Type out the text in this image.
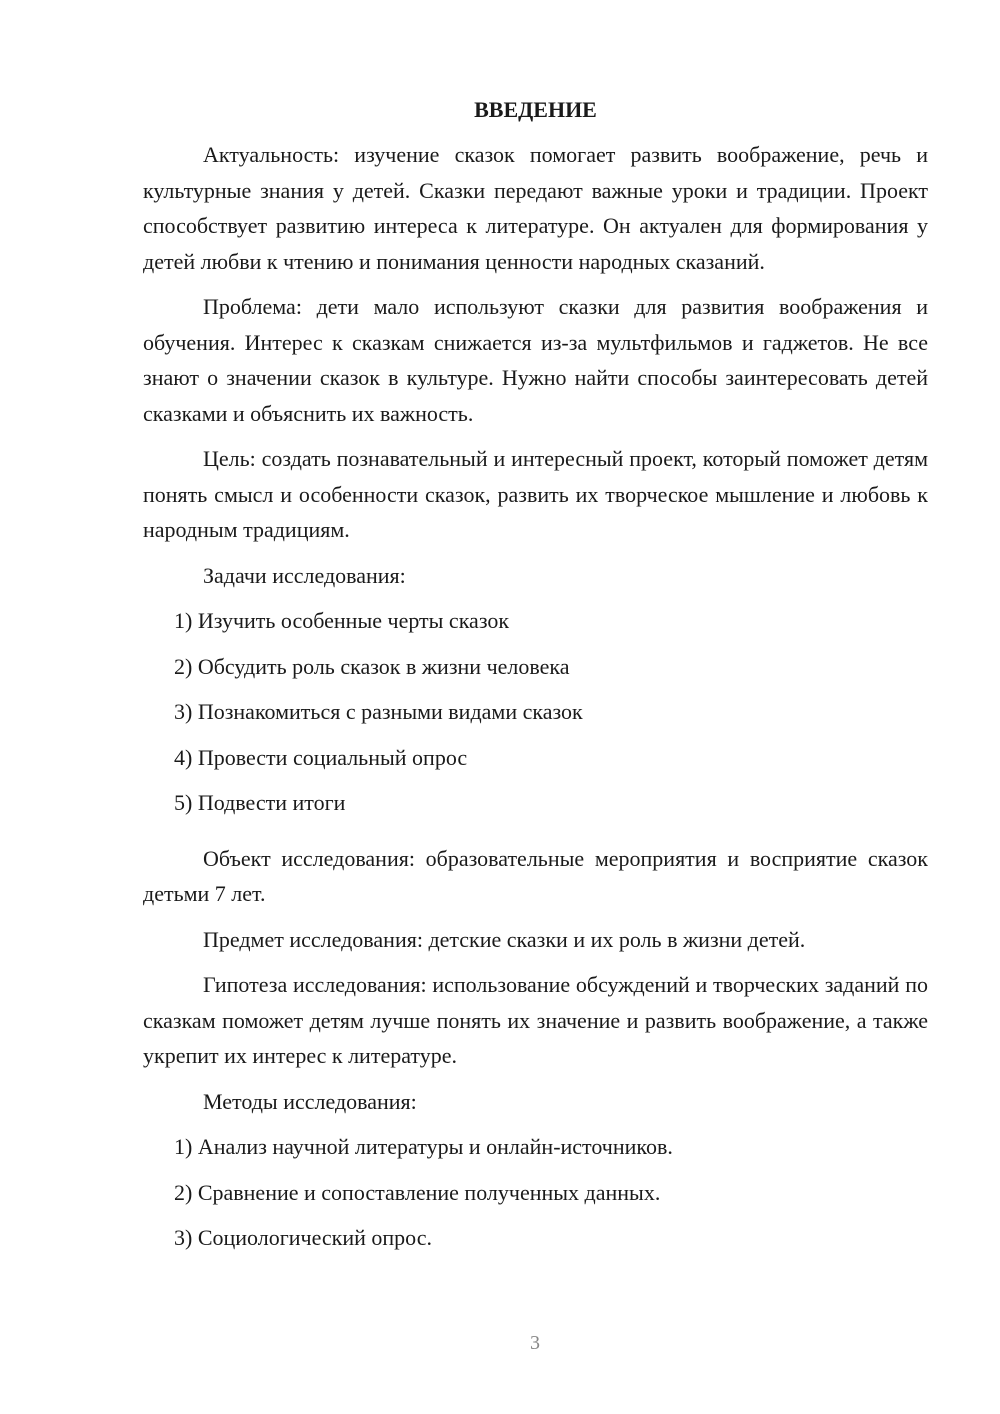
ВВЕДЕНИЕ

Актуальность: изучение сказок помогает развить воображение, речь и культурные знания у детей. Сказки передают важные уроки и традиции. Проект способствует развитию интереса к литературе. Он актуален для формирования у детей любви к чтению и понимания ценности народных сказаний.

Проблема: дети мало используют сказки для развития воображения и обучения. Интерес к сказкам снижается из-за мультфильмов и гаджетов. Не все знают о значении сказок в культуре. Нужно найти способы заинтересовать детей сказками и объяснить их важность.

Цель: создать познавательный и интересный проект, который поможет детям понять смысл и особенности сказок, развить их творческое мышление и любовь к народным традициям.

Задачи исследования:

1) Изучить особенные черты сказок
2) Обсудить роль сказок в жизни человека
3) Познакомиться с разными видами сказок
4) Провести социальный опрос
5) Подвести итоги

Объект исследования: образовательные мероприятия и восприятие сказок детьми 7 лет.

Предмет исследования: детские сказки и их роль в жизни детей.

Гипотеза исследования: использование обсуждений и творческих заданий по сказкам поможет детям лучше понять их значение и развить воображение, а также укрепит их интерес к литературе.

Методы исследования:

1) Анализ научной литературы и онлайн-источников.
2) Сравнение и сопоставление полученных данных.
3) Социологический опрос.
3
